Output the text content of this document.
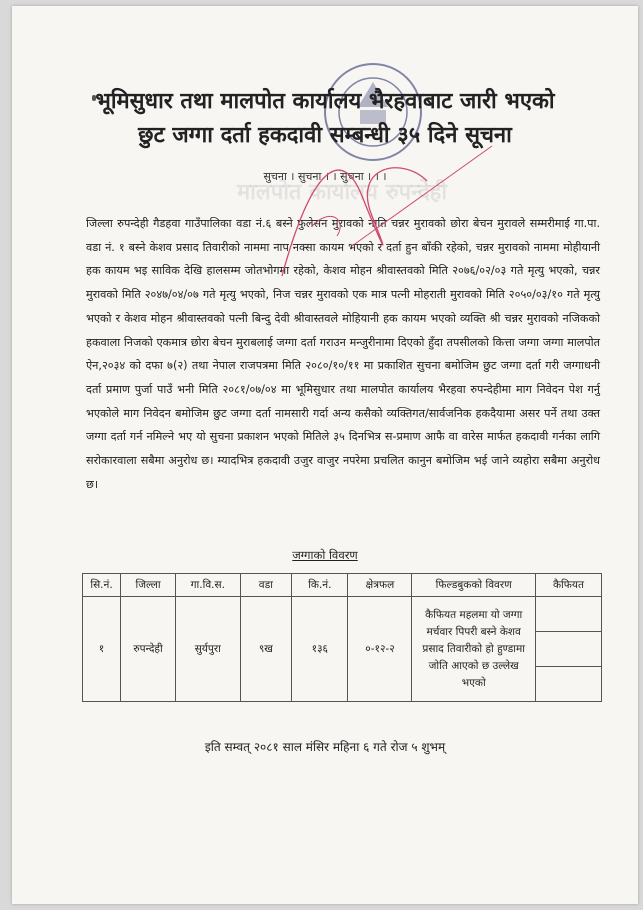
भूमिसुधार तथा मालपोत कार्यालय भैरहवाबाट जारी भएको
छुट जग्गा दर्ता हकदावी सम्बन्धी ३५ दिने सूचना
मालपोत कार्यालय रुपन्देही
सुचना । सुचना । । सुचना । । ।
जिल्ला रुपन्देही गैडहवा गाउँपालिका वडा नं.६ बस्ने फुलेसन मुरावको नाति चन्नर मुरावको छोरा बेचन मुरावले सम्मरीमाई गा.पा. वडा नं. १ बस्ने केशव प्रसाद तिवारीको नाममा नाप नक्सा कायम भएको र दर्ता हुन बाँकी रहेको, चन्नर मुरावको नाममा मोहीयानी हक कायम भइ साविक देखि हालसम्म जोतभोगमा रहेको, केशव मोहन श्रीवास्तवको मिति २०७६/०२/०३ गते मृत्यु भएको, चन्नर मुरावको मिति २०४७/०४/०७ गते मृत्यु भएको, निज चन्नर मुरावको एक मात्र पत्नी मोहराती मुरावको मिति २०५०/०३/१० गते मृत्यु भएको र केशव मोहन श्रीवास्तवको पत्नी बिन्दु देवी श्रीवास्तवले मोहियानी हक कायम भएको व्यक्ति श्री चन्नर मुरावको नजिकको हकवाला निजको एकमात्र छोरा बेचन मुराबलाई जग्गा दर्ता गराउन मन्जुरीनामा दिएको हुँदा तपसीलको कित्ता जग्गा जग्गा मालपोत ऐन,२०३४ को दफा ७(२) तथा नेपाल राजपत्रमा मिति २०८०/१०/११ मा प्रकाशित सुचना बमोजिम छुट जग्गा दर्ता गरी जग्गाधनी दर्ता प्रमाण पुर्जा पाउँ भनी मिति २०८१/०७/०४ मा भूमिसुधार तथा मालपोत कार्यालय भैरहवा रुपन्देहीमा माग निवेदन पेश गर्नु भएकोले माग निवेदन बमोजिम छुट जग्गा दर्ता नामसारी गर्दा अन्य कसैको व्यक्तिगत/सार्वजनिक हकदैयामा असर पर्ने तथा उक्त जग्गा दर्ता गर्न नमिल्ने भए यो सुचना प्रकाशन भएको मितिले ३५ दिनभित्र स-प्रमाण आफै वा वारेस मार्फत हकदावी गर्नका लागि सरोकारवाला सबैमा अनुरोध छ। म्यादभित्र हकदावी उजुर वाजुर नपरेमा प्रचलित कानुन बमोजिम भई जाने व्यहोरा सबैमा अनुरोध छ।
जग्गाको विवरण
सि.नं.	जिल्ला	गा.वि.स.	वडा	कि.नं.	क्षेत्रफल	फिल्डबुकको विवरण	कैफियत
१	रुपन्देही	सुर्यपुरा	९ख	१३६	०-१२-२	कैफियत महलमा यो जग्गा मर्चवार पिपरी बस्ने केशव प्रसाद तिवारीको हो हुण्डामा जोति आएको छ उल्लेख भएको	
इति सम्वत् २०८१ साल मंसिर महिना ६ गते रोज ५ शुभम्
